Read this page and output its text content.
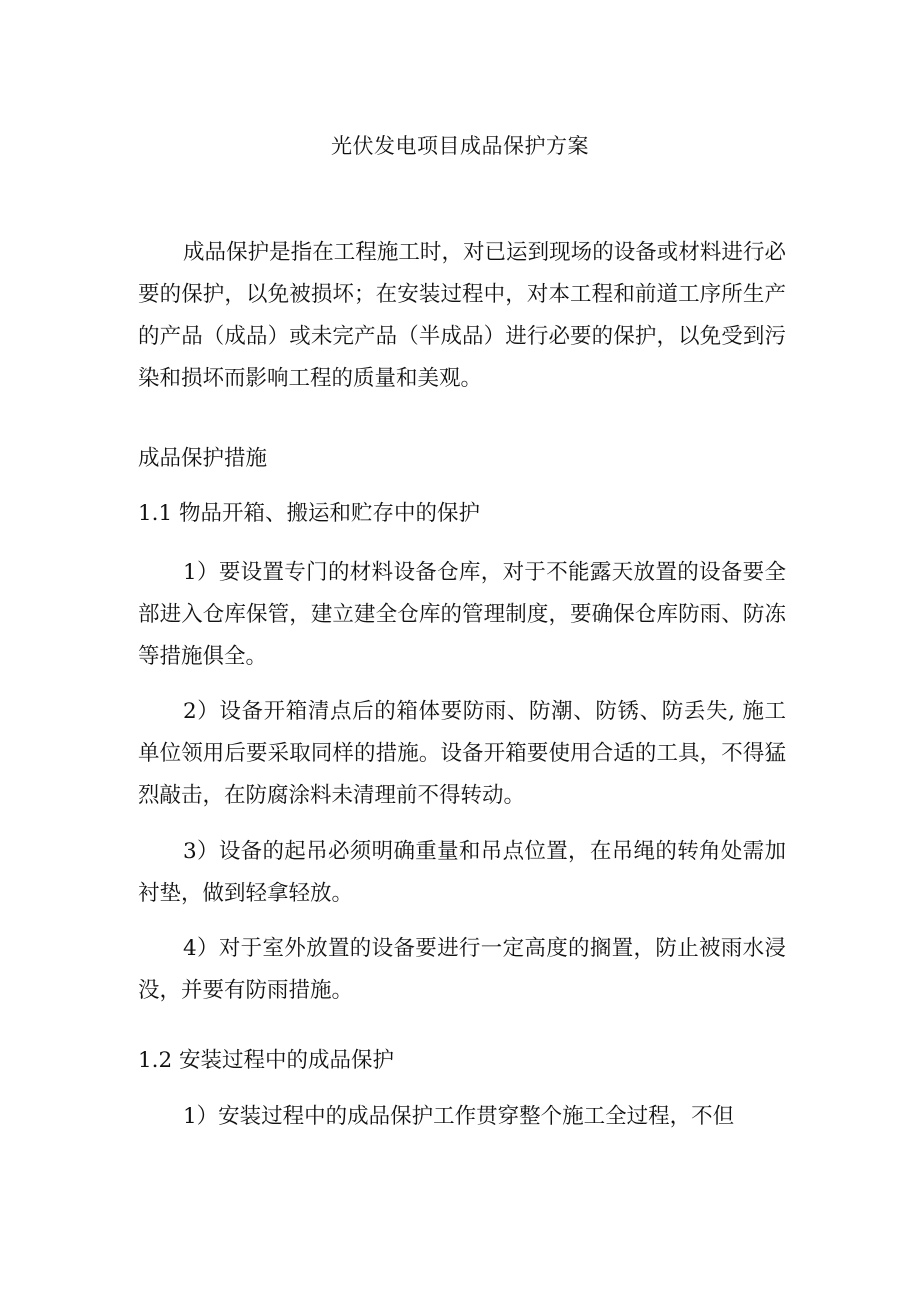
光伏发电项目成品保护方案

成品保护是指在工程施工时，对已运到现场的设备或材料进行必要的保护，以免被损坏；在安装过程中，对本工程和前道工序所生产的产品（成品）或未完产品（半成品）进行必要的保护，以免受到污染和损坏而影响工程的质量和美观。

成品保护措施
1.1 物品开箱、搬运和贮存中的保护

1）要设置专门的材料设备仓库，对于不能露天放置的设备要全部进入仓库保管，建立建全仓库的管理制度，要确保仓库防雨、防冻等措施俱全。

2）设备开箱清点后的箱体要防雨、防潮、防锈、防丢失, 施工单位领用后要采取同样的措施。设备开箱要使用合适的工具，不得猛烈敲击，在防腐涂料未清理前不得转动。

3）设备的起吊必须明确重量和吊点位置，在吊绳的转角处需加衬垫，做到轻拿轻放。

4）对于室外放置的设备要进行一定高度的搁置，防止被雨水浸没，并要有防雨措施。

1.2 安装过程中的成品保护

1）安装过程中的成品保护工作贯穿整个施工全过程，不但
